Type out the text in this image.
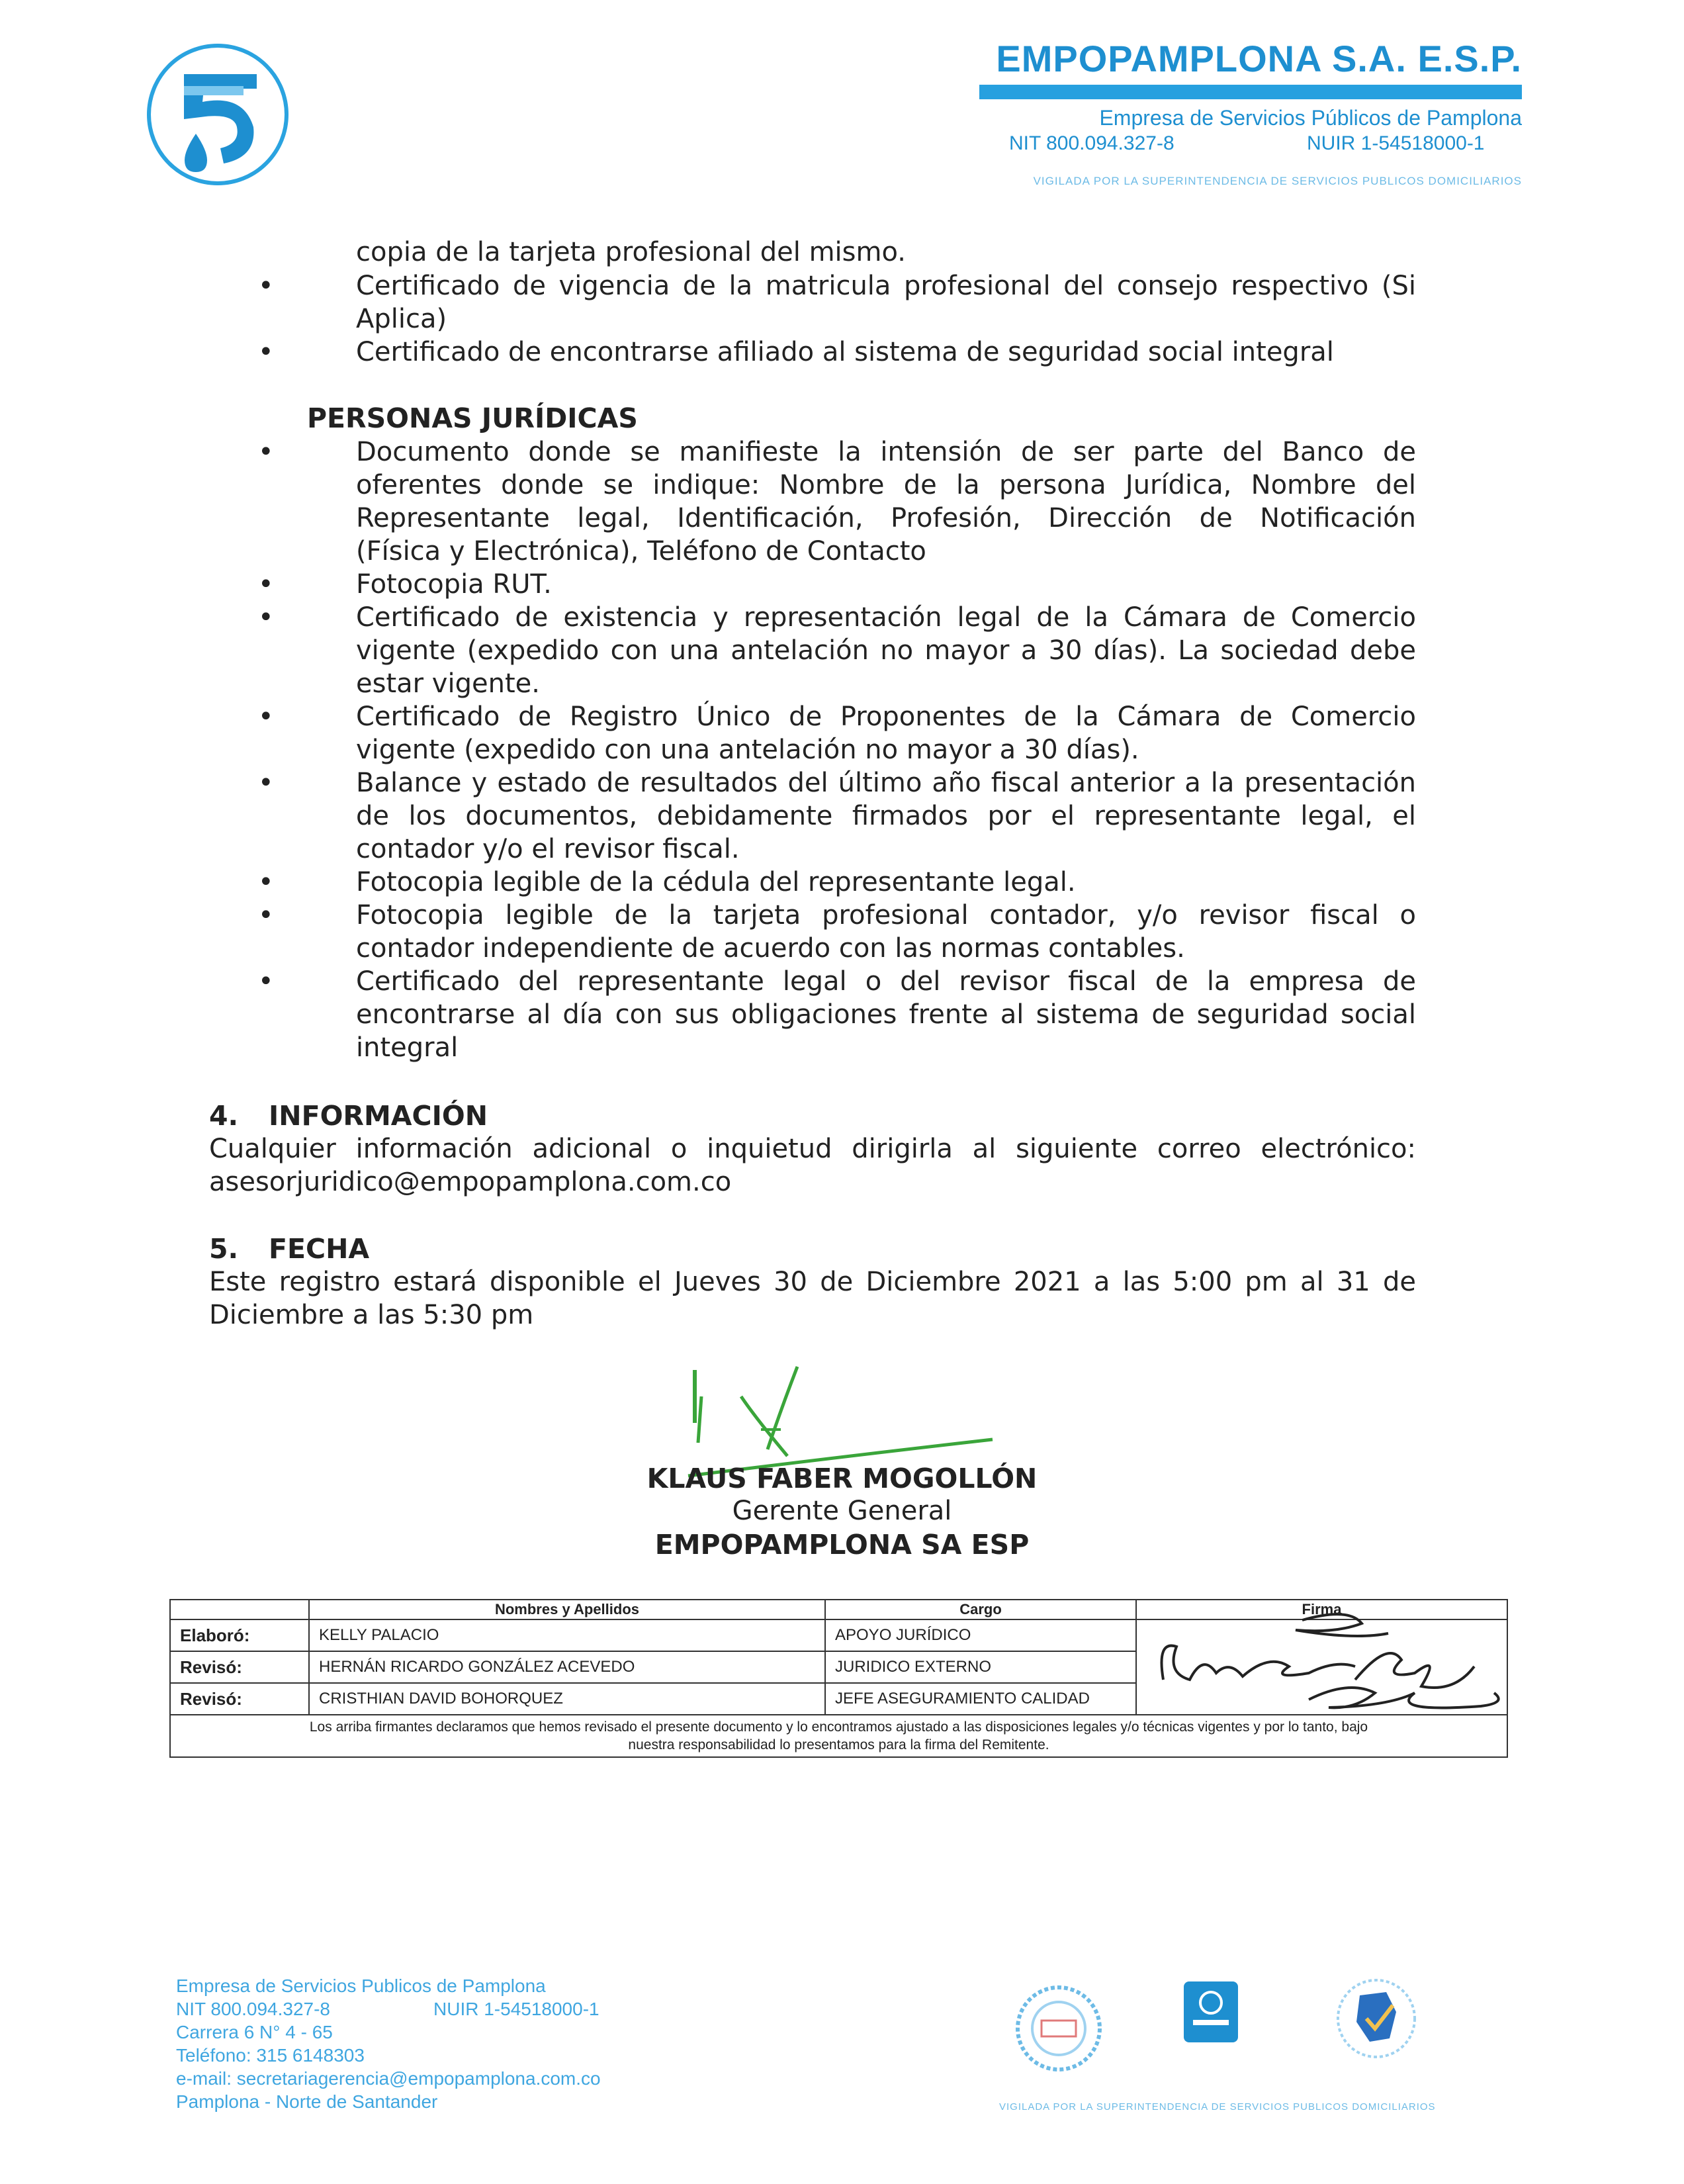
EMPOPAMPLONA S.A. E.S.P.
Empresa de Servicios Públicos de Pamplona
NIT 800.094.327-8	NUIR 1-54518000-1
VIGILADA POR LA SUPERINTENDENCIA DE SERVICIOS PUBLICOS DOMICILIARIOS
copia de la tarjeta profesional del mismo.
•	Certificado de vigencia de la matricula profesional del consejo respectivo (Si
Aplica)
•	Certificado de encontrarse afiliado al sistema de seguridad social integral
PERSONAS JURÍDICAS
•	Documento donde se manifieste la intensión de ser parte del Banco de
oferentes donde se indique: Nombre de la persona Jurídica, Nombre del
Representante legal, Identificación, Profesión, Dirección de Notificación
(Física y Electrónica), Teléfono de Contacto
•	Fotocopia RUT.
•	Certificado de existencia y representación legal de la Cámara de Comercio
vigente (expedido con una antelación no mayor a 30 días). La sociedad debe
estar vigente.
•	Certificado de Registro Único de Proponentes de la Cámara de Comercio
vigente (expedido con una antelación no mayor a 30 días).
•	Balance y estado de resultados del último año fiscal anterior a la presentación
de los documentos, debidamente firmados por el representante legal, el
contador y/o el revisor fiscal.
•	Fotocopia legible de la cédula del representante legal.
•	Fotocopia legible de la tarjeta profesional contador, y/o revisor fiscal o
contador independiente de acuerdo con las normas contables.
•	Certificado del representante legal o del revisor fiscal de la empresa de
encontrarse al día con sus obligaciones frente al sistema de seguridad social
integral
4. INFORMACIÓN
Cualquier información adicional o inquietud dirigirla al siguiente correo electrónico:
asesorjuridico@empopamplona.com.co
5. FECHA
Este registro estará disponible el Jueves 30 de Diciembre 2021 a las 5:00 pm al 31 de
Diciembre a las 5:30 pm
KLAUS FABER MOGOLLÓN
Gerente General
EMPOPAMPLONA SA ESP
	Nombres y Apellidos	Cargo	Firma
Elaboró:	KELLY PALACIO	APOYO JURÍDICO	

Revisó:	HERNÁN RICARDO GONZÁLEZ ACEVEDO	JURIDICO EXTERNO	
Revisó:	CRISTHIAN DAVID BOHORQUEZ	JEFE ASEGURAMIENTO CALIDAD	

Los arriba firmantes declaramos que hemos revisado el presente documento y lo encontramos ajustado a las disposiciones legales y/o técnicas vigentes y por lo tanto, bajo
nuestra responsabilidad lo presentamos para la firma del Remitente.			
Empresa de Servicios Publicos de Pamplona
NIT 800.094.327-8	NUIR 1-54518000-1
Carrera 6 N° 4 - 65
Teléfono: 315 6148303
e-mail: secretariagerencia@empopamplona.com.co
Pamplona - Norte de Santander	VIGILADA POR LA SUPERINTENDENCIA DE SERVICIOS PUBLICOS DOMICILIARIOS
